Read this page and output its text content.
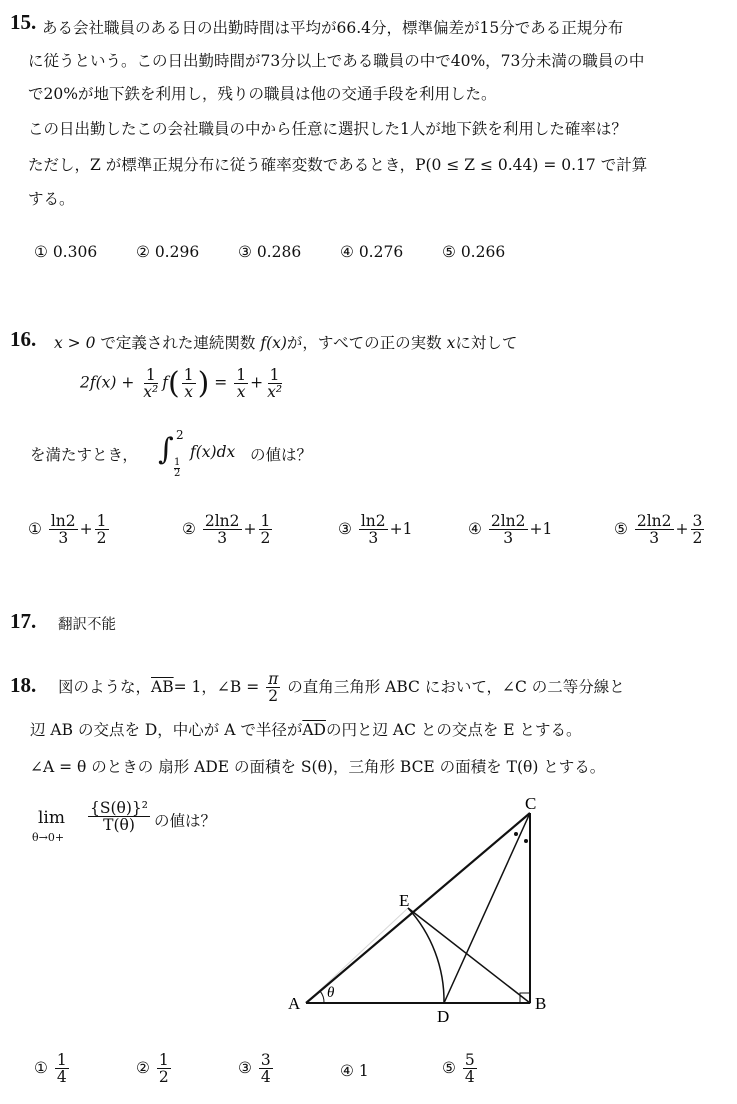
15. ある会社職員のある日の出勤時間は平均が66.4分，標準偏差が15分である正規分布
に従うという。この日出勤時間が73分以上である職員の中で40%，73分未満の職員の中
で20%が地下鉄を利用し，残りの職員は他の交通手段を利用した。
この日出勤したこの会社職員の中から任意に選択した1人が地下鉄を利用した確率は？
ただし，Z が標準正規分布に従う確率変数であるとき，P(0 ≤ Z ≤ 0.44) = 0.17 で計算
する。
① 0.306	② 0.296	③ 0.286	④ 0.276	⑤ 0.266
16. x > 0 で定義された連続関数 f(x)が，すべての正の実数 xに対して
$2f(x) + \frac{1}{\text{x²}} f( \frac{1}{x}$ ) = $\frac{1}{x} + \frac{1}{\text{x²}}$
を満たすとき， ∫ 2
1
2
f(x)dx の値は？
① $\frac{\ln 2}{3} + \frac{1}{2}$	② $\frac{2\ln 2}{3} + \frac{1}{2}$	③ $\frac{\ln 2}{3} +1$	④ $\frac{2\ln 2}{3} +1$	⑤ $\frac{2\ln 2}{3} + \frac{3}{2}$
17. 翻訳不能
18. 図のような，$\overline{AB}= 1$，∠B = $\frac{\pi}{2}$ の直角三角形 ABC において，∠C の二等分線と
辺 AB の交点を D，中心が A で半径が$\overline{AD}$の円と辺 AC との交点を E とする。
∠A = θ のときの 扇形 ADE の面積を S(θ)，三角形 BCE の面積を T(θ) とする。
lim
θ→0+
$\frac{\text{\{S(θ)\}²}}{T(\theta)}$ の値は？
A	B
C
D
E
θ
① $\frac{1}{4}$	② $\frac{1}{2}$	③ $\frac{3}{4}$	④ 1	⑤ $\frac{5}{4}$
